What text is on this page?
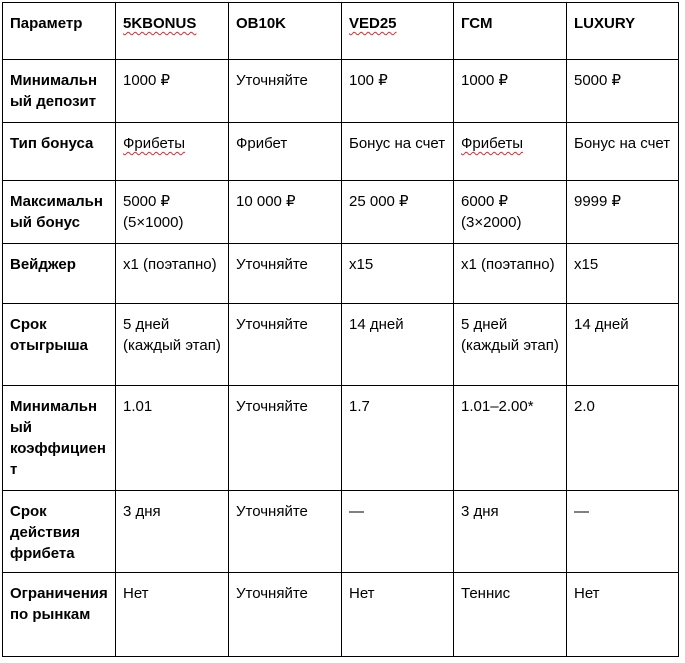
Параметр	5KBONUS	OB10K	VED25	ГСМ	LUXURY
Минимальный депозит	1000 ₽	Уточняйте	100 ₽	1000 ₽	5000 ₽
Тип бонуса	Фрибеты	Фрибет	Бонус на счет	Фрибеты	Бонус на счет
Максимальный бонус	5000 ₽ (5×1000)	10 000 ₽	25 000 ₽	6000 ₽ (3×2000)	9999 ₽
Вейджер	x1 (поэтапно)	Уточняйте	x15	x1 (поэтапно)	x15
Срок отыгрыша	5 дней (каждый этап)	Уточняйте	14 дней	5 дней (каждый этап)	14 дней
Минимальный коэффициент	1.01	Уточняйте	1.7	1.01–2.00*	2.0
Срок действия фрибета	3 дня	Уточняйте	—	3 дня	—
Ограничения по рынкам	Нет	Уточняйте	Нет	Теннис	Нет
